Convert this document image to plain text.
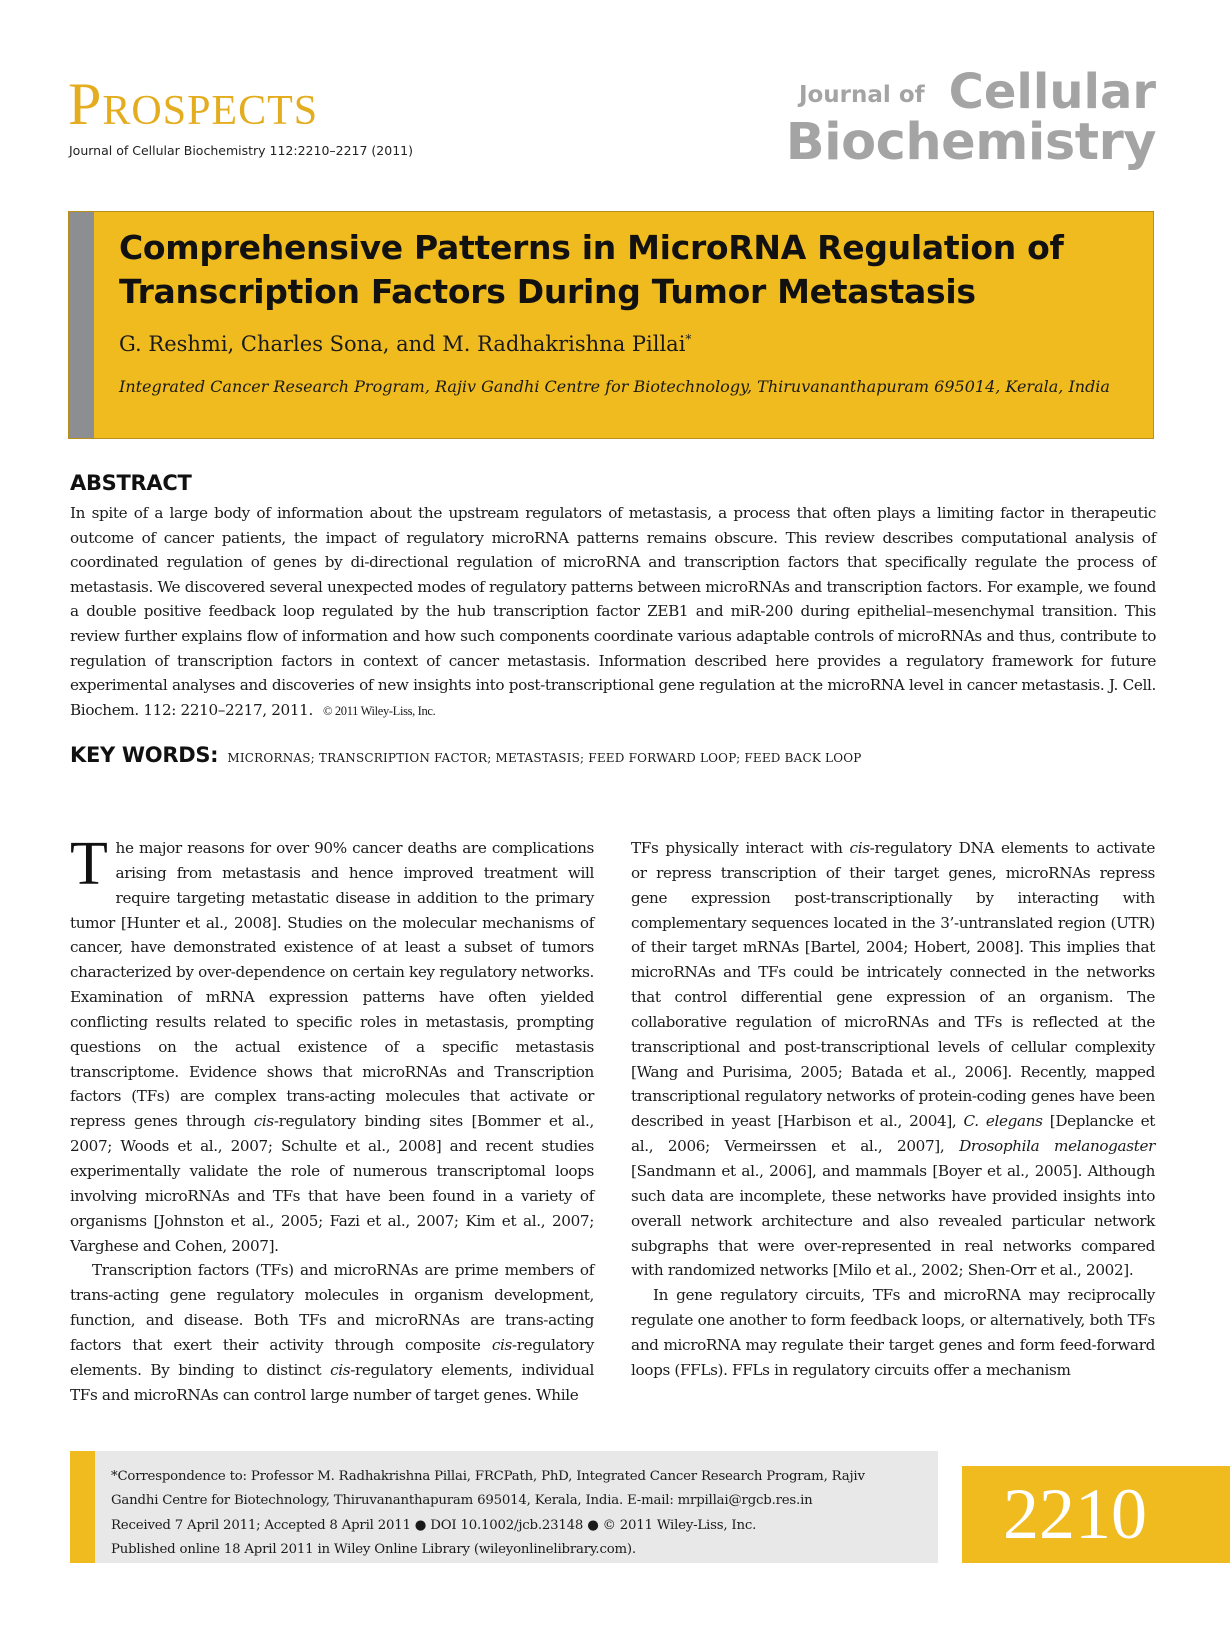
Prospects
Journal of Cellular Biochemistry 112:2210–2217 (2011)
Journal of Cellular
Biochemistry
Comprehensive Patterns in MicroRNA Regulation of Transcription Factors During Tumor Metastasis
G. Reshmi, Charles Sona, and M. Radhakrishna Pillai*
Integrated Cancer Research Program, Rajiv Gandhi Centre for Biotechnology, Thiruvananthapuram 695014, Kerala, India
ABSTRACT
In spite of a large body of information about the upstream regulators of metastasis, a process that often plays a limiting factor in therapeutic outcome of cancer patients, the impact of regulatory microRNA patterns remains obscure. This review describes computational analysis of coordinated regulation of genes by di-directional regulation of microRNA and transcription factors that specifically regulate the process of metastasis. We discovered several unexpected modes of regulatory patterns between microRNAs and transcription factors. For example, we found a double positive feedback loop regulated by the hub transcription factor ZEB1 and miR-200 during epithelial–mesenchymal transition. This review further explains flow of information and how such components coordinate various adaptable controls of microRNAs and thus, contribute to regulation of transcription factors in context of cancer metastasis. Information described here provides a regulatory framework for future experimental analyses and discoveries of new insights into post-transcriptional gene regulation at the microRNA level in cancer metastasis. J. Cell. Biochem. 112: 2210–2217, 2011. © 2011 Wiley-Liss, Inc.
KEY WORDS: MICRORNAS; TRANSCRIPTION FACTOR; METASTASIS; FEED FORWARD LOOP; FEED BACK LOOP

The major reasons for over 90% cancer deaths are complications arising from metastasis and hence improved treatment will require targeting metastatic disease in addition to the primary tumor [Hunter et al., 2008]. Studies on the molecular mechanisms of cancer, have demonstrated existence of at least a subset of tumors characterized by over-dependence on certain key regulatory networks. Examination of mRNA expression patterns have often yielded conflicting results related to specific roles in metastasis, prompting questions on the actual existence of a specific metastasis transcriptome. Evidence shows that microRNAs and Transcription factors (TFs) are complex trans-acting molecules that activate or repress genes through cis-regulatory binding sites [Bommer et al., 2007; Woods et al., 2007; Schulte et al., 2008] and recent studies experimentally validate the role of numerous transcriptomal loops involving microRNAs and TFs that have been found in a variety of organisms [Johnston et al., 2005; Fazi et al., 2007; Kim et al., 2007; Varghese and Cohen, 2007].

Transcription factors (TFs) and microRNAs are prime members of trans-acting gene regulatory molecules in organism development, function, and disease. Both TFs and microRNAs are trans-acting factors that exert their activity through composite cis-regulatory elements. By binding to distinct cis-regulatory elements, individual TFs and microRNAs can control large number of target genes. While

TFs physically interact with cis-regulatory DNA elements to activate or repress transcription of their target genes, microRNAs repress gene expression post-transcriptionally by interacting with complementary sequences located in the 3’-untranslated region (UTR) of their target mRNAs [Bartel, 2004; Hobert, 2008]. This implies that microRNAs and TFs could be intricately connected in the networks that control differential gene expression of an organism. The collaborative regulation of microRNAs and TFs is reflected at the transcriptional and post-transcriptional levels of cellular complexity [Wang and Purisima, 2005; Batada et al., 2006]. Recently, mapped transcriptional regulatory networks of protein-coding genes have been described in yeast [Harbison et al., 2004], C. elegans [Deplancke et al., 2006; Vermeirssen et al., 2007], Drosophila melanogaster [Sandmann et al., 2006], and mammals [Boyer et al., 2005]. Although such data are incomplete, these networks have provided insights into overall network architecture and also revealed particular network subgraphs that were over-represented in real networks compared with randomized networks [Milo et al., 2002; Shen-Orr et al., 2002].

In gene regulatory circuits, TFs and microRNA may reciprocally regulate one another to form feedback loops, or alternatively, both TFs and microRNA may regulate their target genes and form feed-forward loops (FFLs). FFLs in regulatory circuits offer a mechanism

*Correspondence to: Professor M. Radhakrishna Pillai, FRCPath, PhD, Integrated Cancer Research Program, Rajiv
Gandhi Centre for Biotechnology, Thiruvananthapuram 695014, Kerala, India. E-mail: mrpillai@rgcb.res.in
Received 7 April 2011; Accepted 8 April 2011 ● DOI 10.1002/jcb.23148 ● © 2011 Wiley-Liss, Inc.
Published online 18 April 2011 in Wiley Online Library (wileyonlinelibrary.com).	2210
